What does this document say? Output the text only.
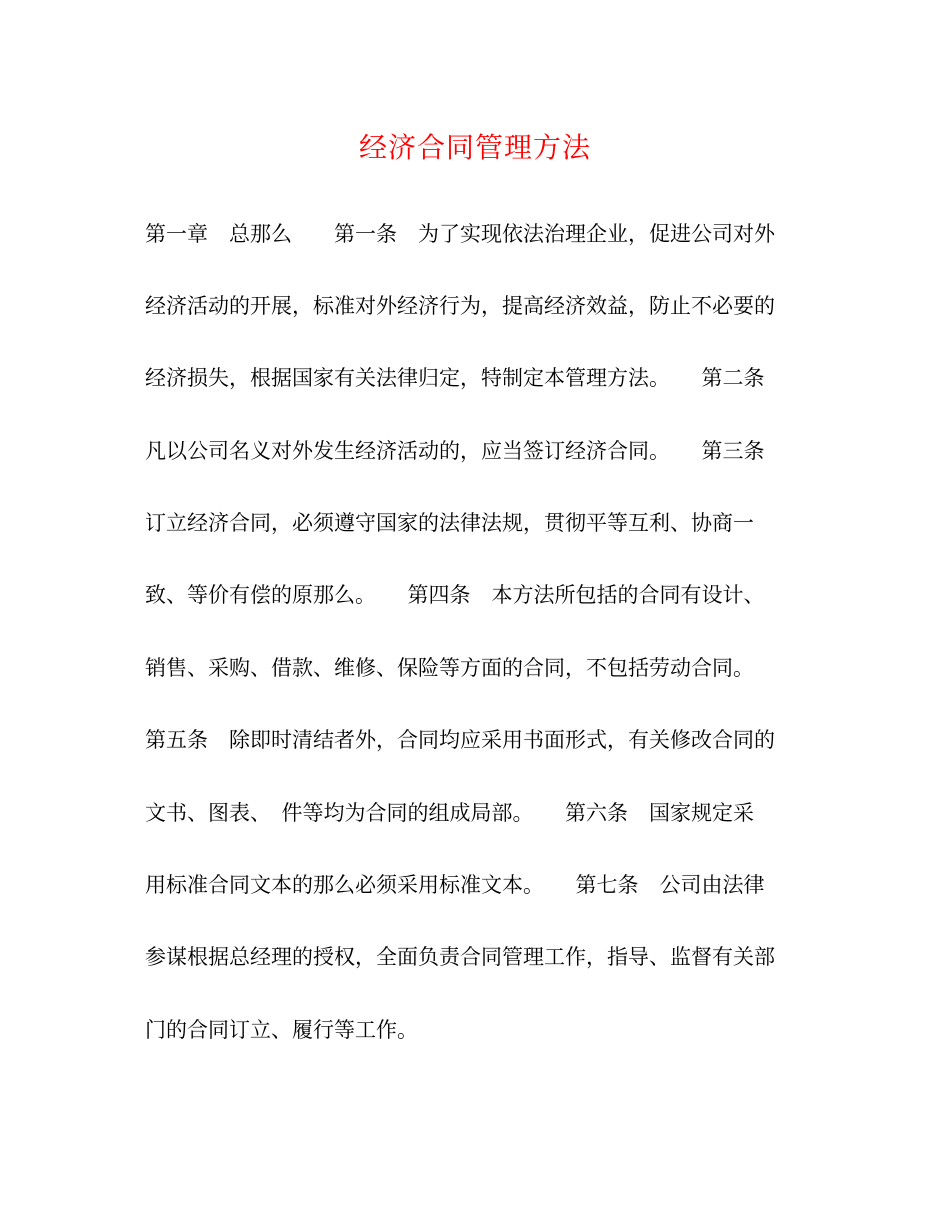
经济合同管理方法
第一章　总那么　　第一条　为了实现依法治理企业，促进公司对外
经济活动的开展，标准对外经济行为，提高经济效益，防止不必要的
经济损失，根据国家有关法律归定，特制定本管理方法。　　第二条
凡以公司名义对外发生经济活动的，应当签订经济合同。　　第三条
订立经济合同，必须遵守国家的法律法规，贯彻平等互利、协商一
致、等价有偿的原那么。　　第四条　本方法所包括的合同有设计、
销售、采购、借款、维修、保险等方面的合同，不包括劳动合同。
第五条　除即时清结者外，合同均应采用书面形式，有关修改合同的
文书、图表、　件等均为合同的组成局部。　　第六条　国家规定采
用标准合同文本的那么必须采用标准文本。　　第七条　公司由法律
参谋根据总经理的授权，全面负责合同管理工作，指导、监督有关部
门的合同订立、履行等工作。
